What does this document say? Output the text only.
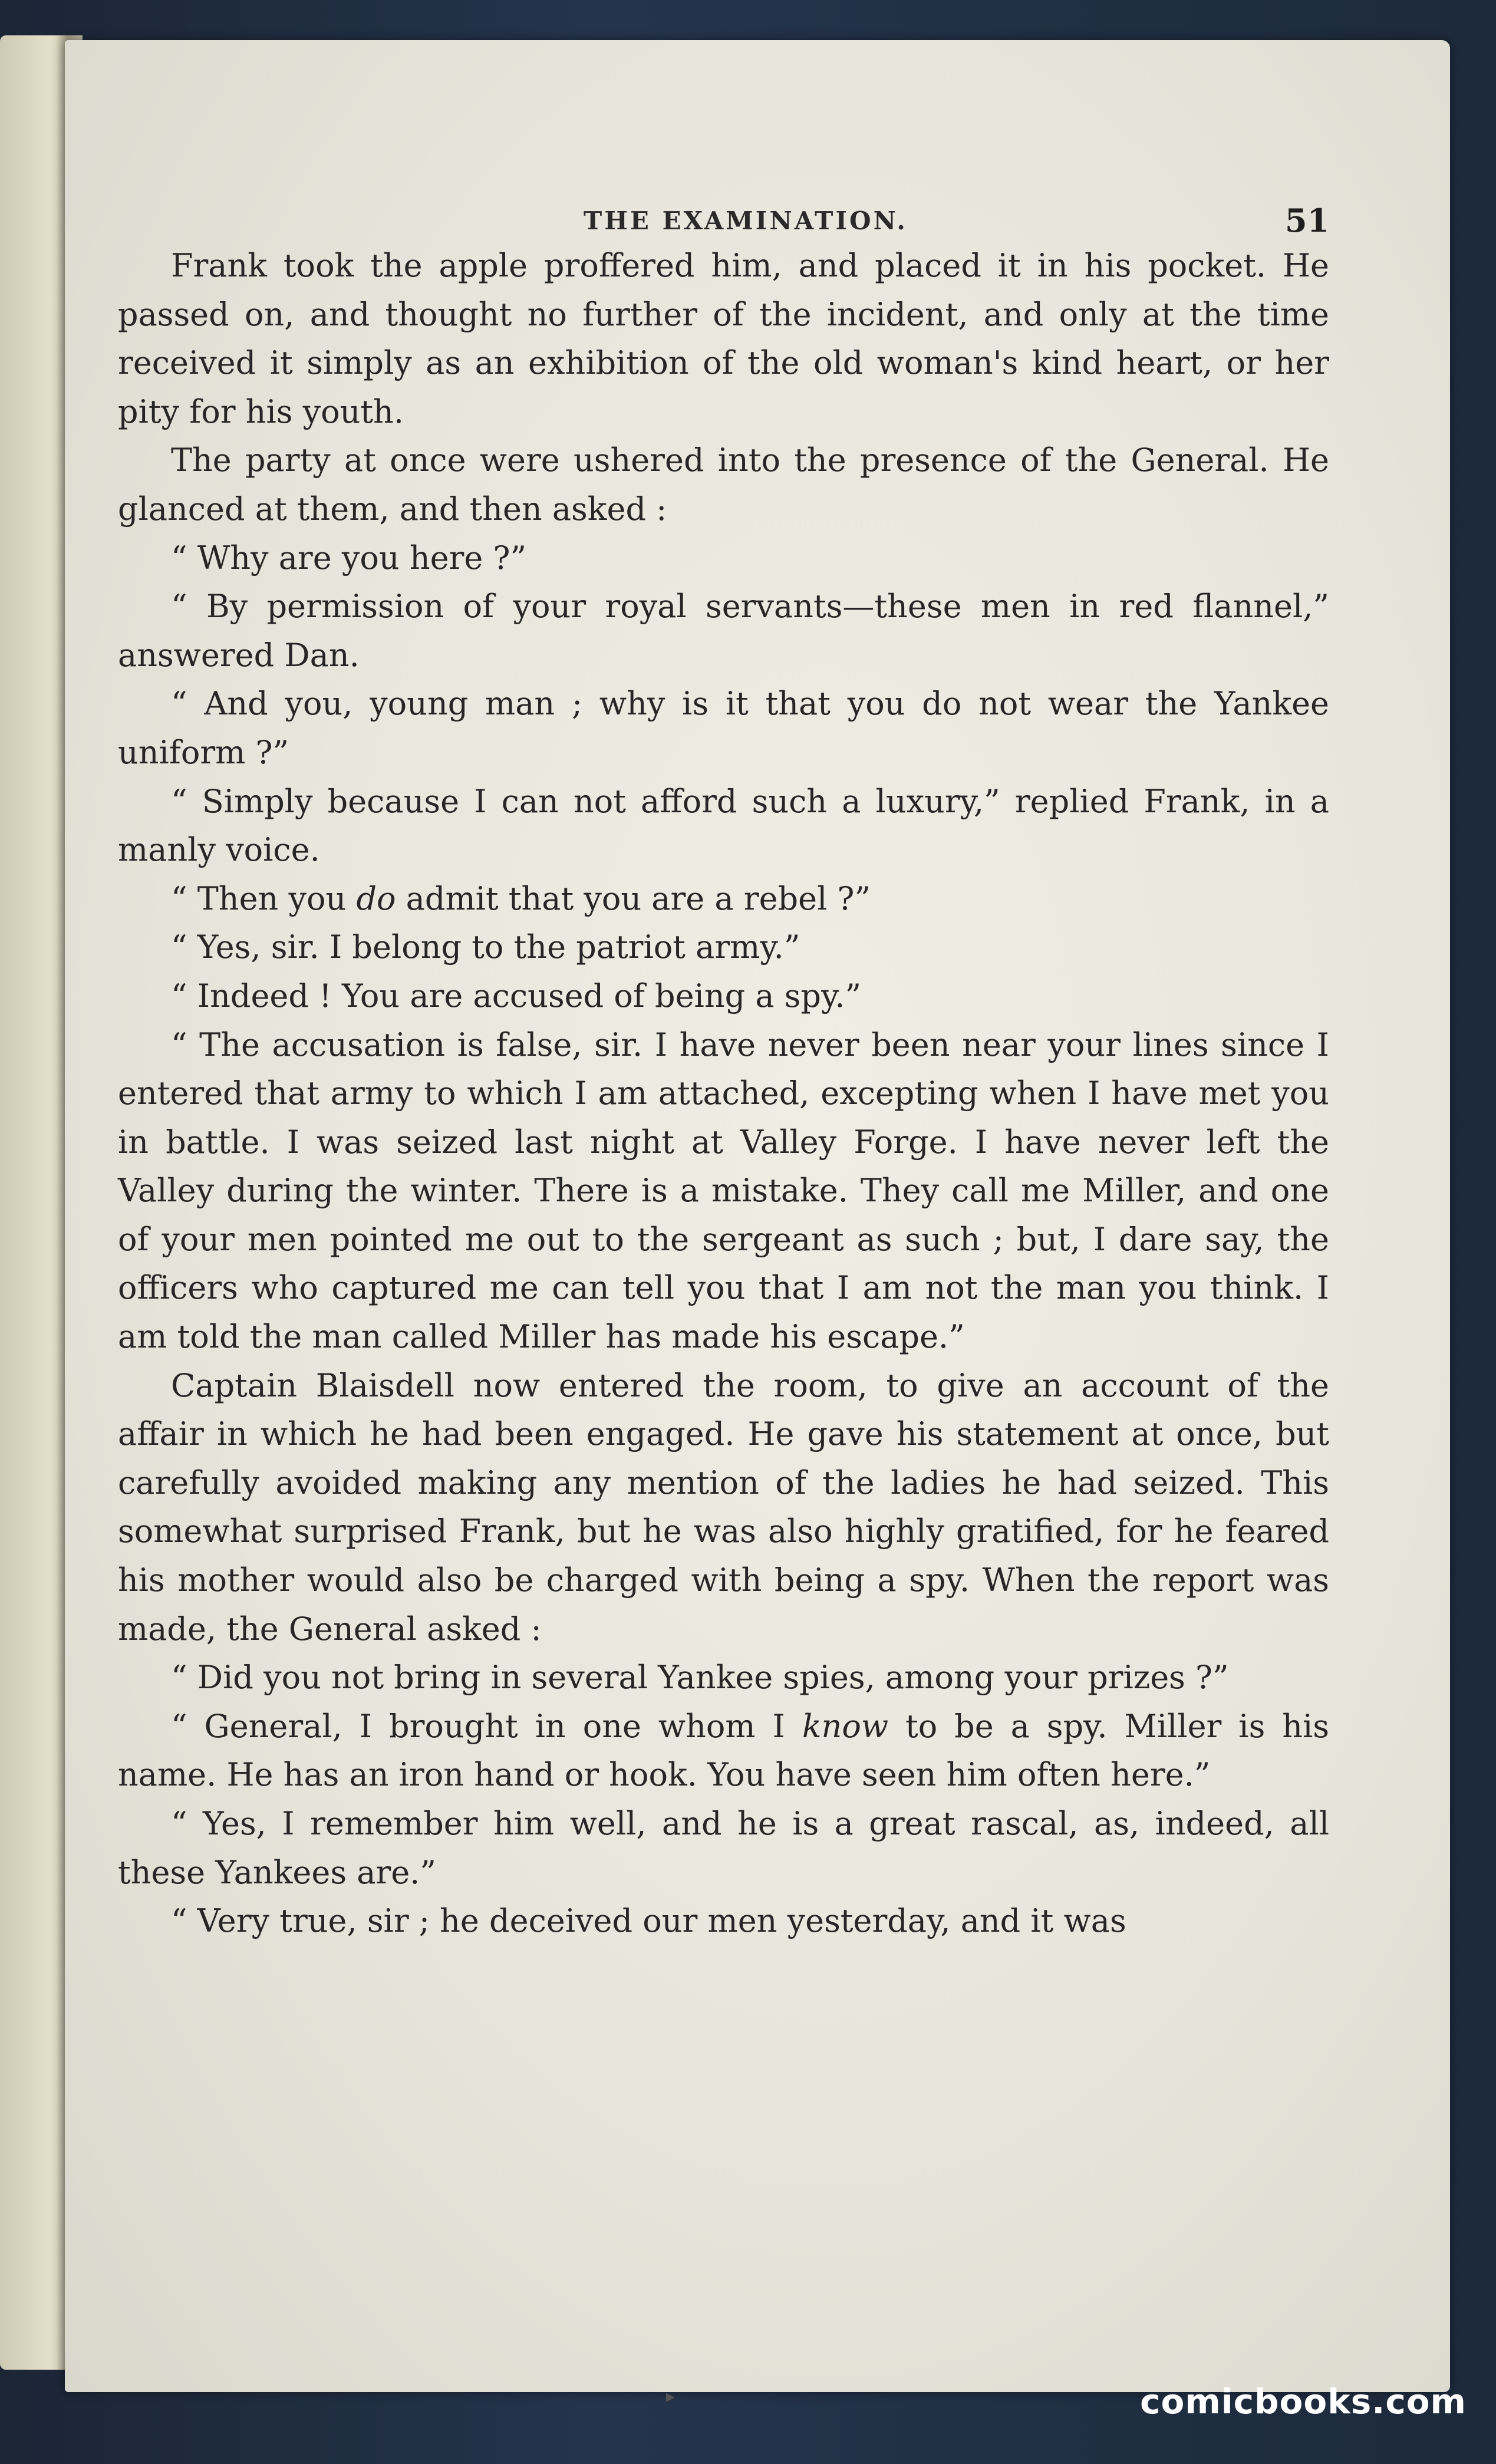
THE EXAMINATION.	51
▸

Frank took the apple proffered him, and placed it in his pocket. He passed on, and thought no further of the incident, and only at the time received it simply as an exhibition of the old woman's kind heart, or her pity for his youth.

The party at once were ushered into the presence of the General. He glanced at them, and then asked :

“ Why are you here ?”

“ By permission of your royal servants—these men in red flannel,” answered Dan.

“ And you, young man ; why is it that you do not wear the Yankee uniform ?”

“ Simply because I can not afford such a luxury,” replied Frank, in a manly voice.

“ Then you do admit that you are a rebel ?”

“ Yes, sir. I belong to the patriot army.”

“ Indeed ! You are accused of being a spy.”

“ The accusation is false, sir. I have never been near your lines since I entered that army to which I am attached, excepting when I have met you in battle. I was seized last night at Valley Forge. I have never left the Valley during the winter. There is a mistake. They call me Miller, and one of your men pointed me out to the sergeant as such ; but, I dare say, the officers who captured me can tell you that I am not the man you think. I am told the man called Miller has made his escape.”

Captain Blaisdell now entered the room, to give an account of the affair in which he had been engaged. He gave his statement at once, but carefully avoided making any mention of the ladies he had seized. This somewhat surprised Frank, but he was also highly gratified, for he feared his mother would also be charged with being a spy. When the report was made, the General asked :

“ Did you not bring in several Yankee spies, among your prizes ?”

“ General, I brought in one whom I know to be a spy. Miller is his name. He has an iron hand or hook. You have seen him often here.”

“ Yes, I remember him well, and he is a great rascal, as, indeed, all these Yankees are.”

“ Very true, sir ; he deceived our men yesterday, and it was

comicbooks.com
